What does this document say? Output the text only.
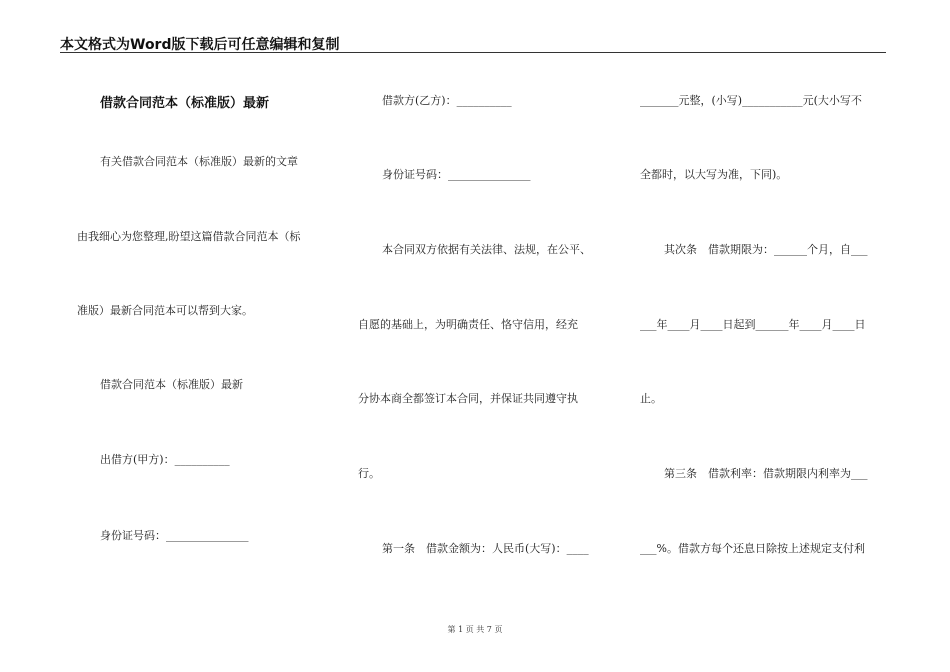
本文格式为Word版下载后可任意编辑和复制
借款合同范本（标准版）最新
有关借款合同范本（标准版）最新的文章
由我细心为您整理,盼望这篇借款合同范本（标
准版）最新合同范本可以帮到大家。
借款合同范本（标准版）最新
出借方(甲方)：__________
身份证号码：_______________
借款方(乙方)：__________
身份证号码：_______________
本合同双方依据有关法律、法规，在公平、
自愿的基础上，为明确责任、恪守信用，经充
分协本商全都签订本合同，并保证共同遵守执
行。
第一条　借款金额为：人民币(大写)：____
_______元整，(小写)___________元(大小写不
全都时，以大写为准，下同)。
其次条　借款期限为：______个月，自___
___年____月____日起到______年____月____日
止。
第三条　借款利率：借款期限内利率为___
___%。借款方每个还息日除按上述规定支付利
第 1 页 共 7 页
